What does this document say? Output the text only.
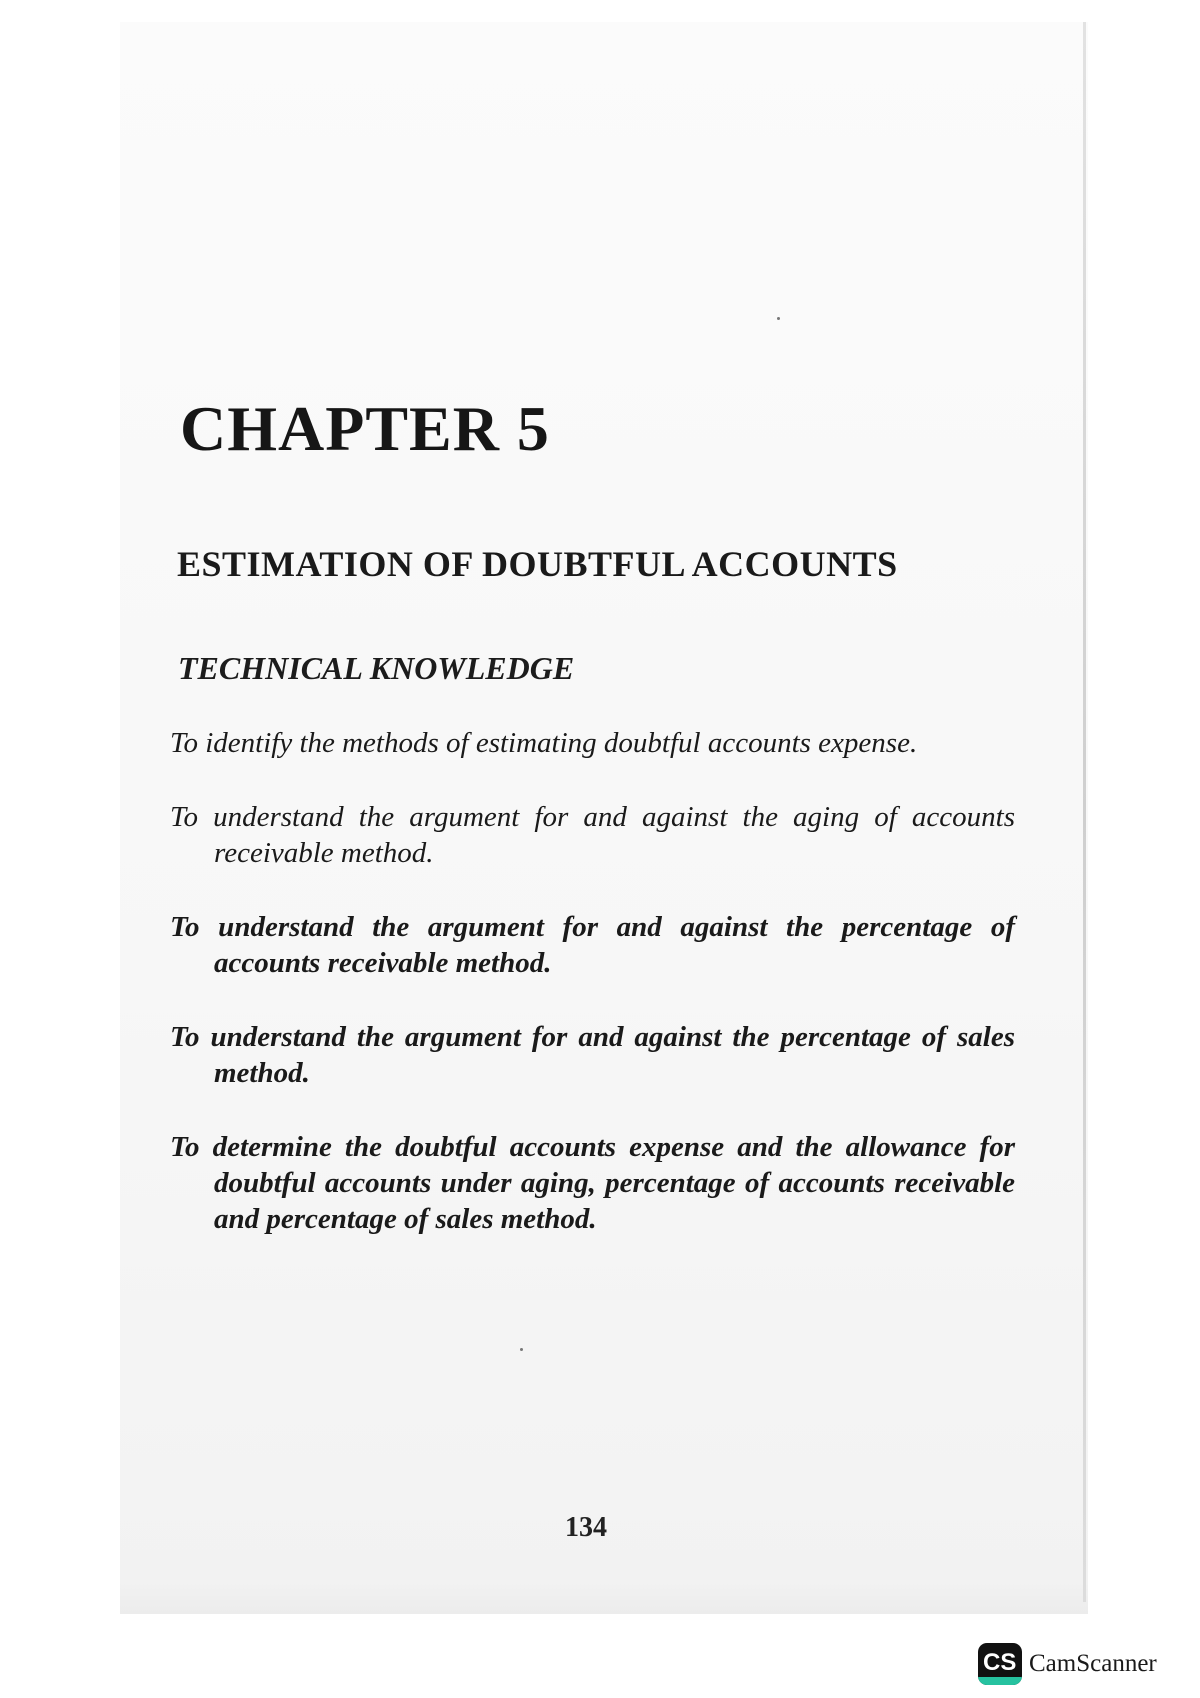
CHAPTER 5
ESTIMATION OF DOUBTFUL ACCOUNTS
TECHNICAL KNOWLEDGE
To identify the methods of estimating doubtful accounts expense.
To understand the argument for and against the aging of accounts receivable method.
To understand the argument for and against the percentage of accounts receivable method.
To understand the argument for and against the percentage of sales method.
To determine the doubtful accounts expense and the allowance for doubtful accounts under aging, percentage of accounts receivable and percentage of sales method.

134

CS CamScanner
